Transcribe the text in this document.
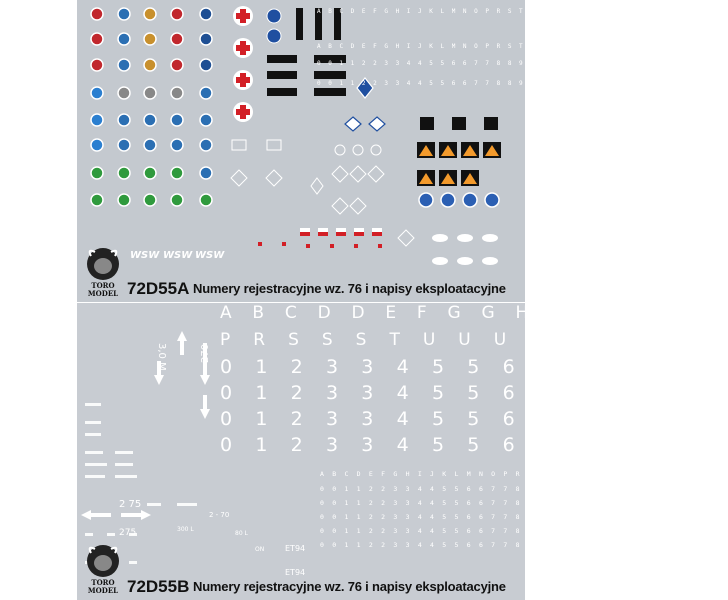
WSW WSW WSW
A B C D E F G H I J K L M N O P R S T U W Y Z
A B C D E F G H I J K L M N O P R S T U W Y Z
0 0 1 1 2 2 3 3 4 4 5 5 6 6 7 7 8 8 9 9
0 0 1 1 2 2 3 3 4 4 5 5 6 6 7 7 8 8 9 9
TORO
MODEL 72D55A Numery rejestracyjne wz. 76 i napisy eksploatacyjne
3,0 M	270
2 75
275
2 - 70
300 L
80 L
ET94
ET94
ON
A B C D D E F G G H I J K L M N
P R S S S T U U U U V W X Y Z
0 1 2 3 3 4 5 5 6 7 8 8 9 9
0 1 2 3 3 4 5 5 6 7 8 8 9 9
0 1 2 3 3 4 5 5 6 7 8 8 9 9
0 1 2 3 3 4 5 5 6 7 8 8 9 9
A B C D E F G H I J K L M N O P R S T U V W X Y Z
0 0 1 1 2 2 3 3 4 4 5 5 6 6 7 7 8 8 9 9
0 0 1 1 2 2 3 3 4 4 5 5 6 6 7 7 8 8 9 9
0 0 1 1 2 2 3 3 4 4 5 5 6 6 7 7 8 8 9 9
0 0 1 1 2 2 3 3 4 4 5 5 6 6 7 7 8 8 9 9
0 0 1 1 2 2 3 3 4 4 5 5 6 6 7 7 8 8 9 9
TORO
MODEL 72D55B Numery rejestracyjne wz. 76 i napisy eksploatacyjne
